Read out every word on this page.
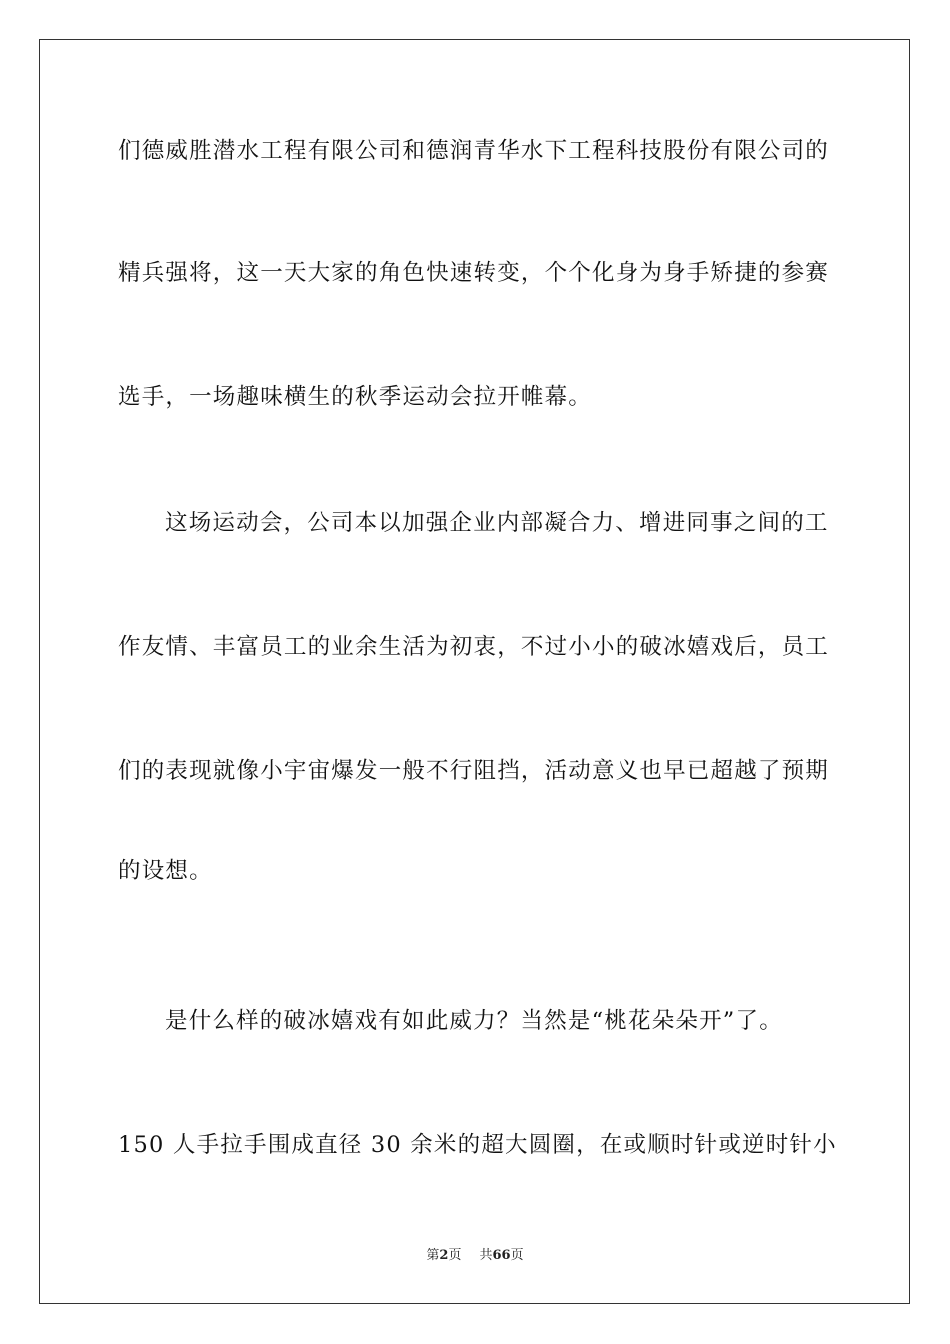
们德威胜潜水工程有限公司和德润青华水下工程科技股份有限公司的
精兵强将，这一天大家的角色快速转变，个个化身为身手矫捷的参赛
选手，一场趣味横生的秋季运动会拉开帷幕。
这场运动会，公司本以加强企业内部凝合力、增进同事之间的工
作友情、丰富员工的业余生活为初衷，不过小小的破冰嬉戏后，员工
们的表现就像小宇宙爆发一般不行阻挡，活动意义也早已超越了预期
的设想。
是什么样的破冰嬉戏有如此威力？当然是“桃花朵朵开”了。
150 人手拉手围成直径 30 余米的超大圆圈，在或顺时针或逆时针小
第2页 共66页
